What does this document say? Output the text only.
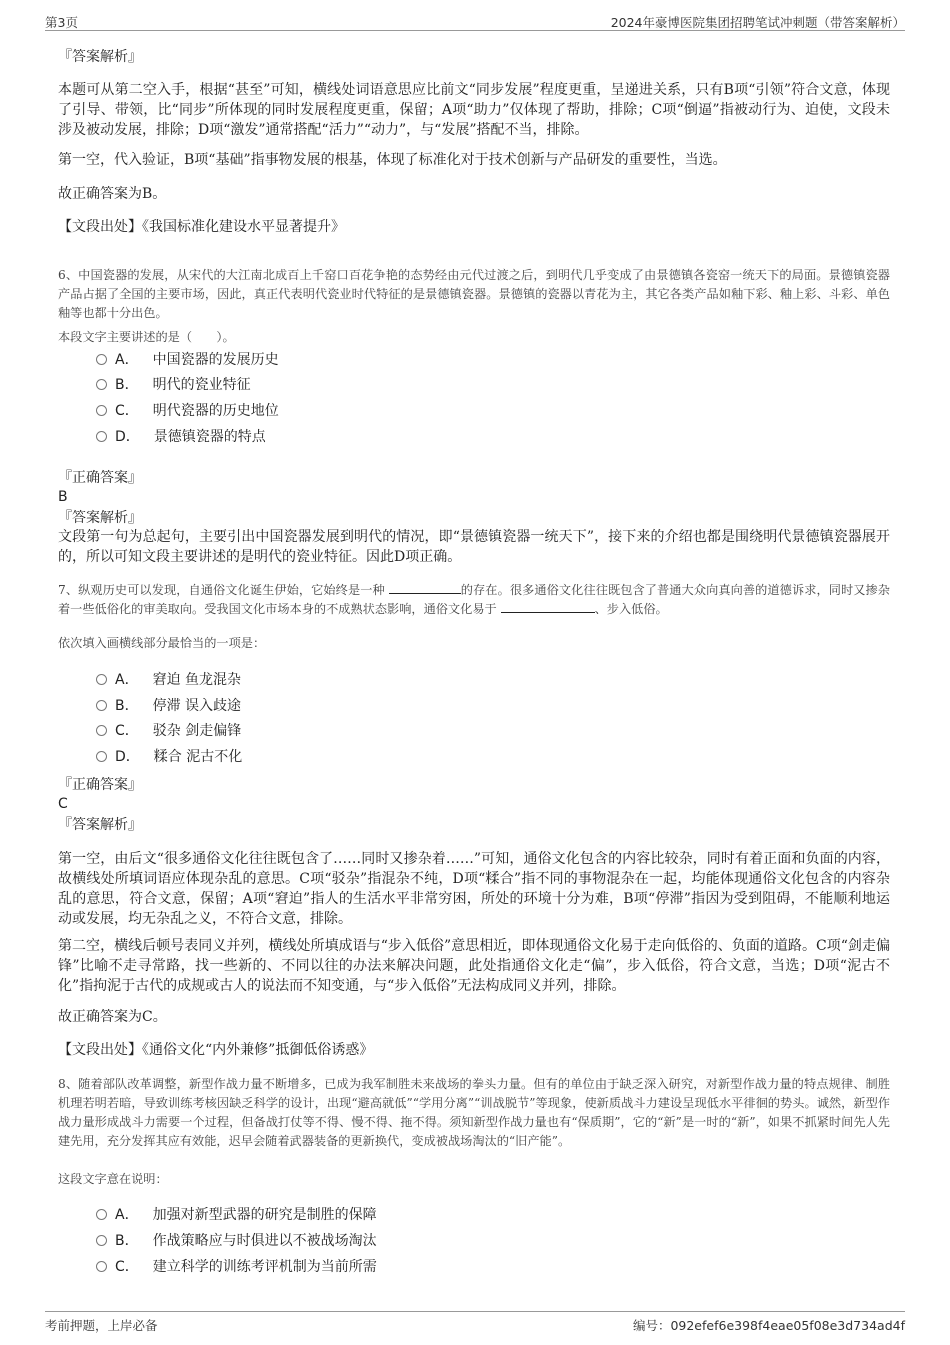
第3页	2024年豪博医院集团招聘笔试冲刺题（带答案解析）
『答案解析』

本题可从第二空入手，根据“甚至”可知，横线处词语意思应比前文“同步发展”程度更重，呈递进关系，只有B项“引领”符合文意，体现了引导、带领，比“同步”所体现的同时发展程度更重，保留；A项“助力”仅体现了帮助，排除；C项“倒逼”指被动行为、迫使，文段未涉及被动发展，排除；D项“激发”通常搭配“活力”“动力”，与“发展”搭配不当，排除。

第一空，代入验证，B项“基础”指事物发展的根基，体现了标准化对于技术创新与产品研发的重要性，当选。

故正确答案为B。

【文段出处】《我国标准化建设水平显著提升》

6、中国瓷器的发展，从宋代的大江南北成百上千窑口百花争艳的态势经由元代过渡之后，到明代几乎变成了由景德镇各瓷窑一统天下的局面。景德镇瓷器产品占据了全国的主要市场，因此，真正代表明代瓷业时代特征的是景德镇瓷器。景德镇的瓷器以青花为主，其它各类产品如釉下彩、釉上彩、斗彩、单色釉等也都十分出色。

本段文字主要讲述的是（　　）。

A． 中国瓷器的发展历史
B． 明代的瓷业特征
C． 明代瓷器的历史地位
D． 景德镇瓷器的特点
『正确答案』
B
『答案解析』

文段第一句为总起句，主要引出中国瓷器发展到明代的情况，即“景德镇瓷器一统天下”，接下来的介绍也都是围绕明代景德镇瓷器展开的，所以可知文段主要讲述的是明代的瓷业特征。因此D项正确。

7、纵观历史可以发现，自通俗文化诞生伊始，它始终是一种	的存在。很多通俗文化往往既包含了普通大众向真向善的道德诉求，同时又掺杂着一些低俗化的审美取向。受我国文化市场本身的不成熟状态影响，通俗文化易于	、步入低俗。

依次填入画横线部分最恰当的一项是：

A． 窘迫 鱼龙混杂
B． 停滞 误入歧途
C． 驳杂 剑走偏锋
D． 糅合 泥古不化
『正确答案』
C
『答案解析』

第一空，由后文“很多通俗文化往往既包含了……同时又掺杂着……”可知，通俗文化包含的内容比较杂，同时有着正面和负面的内容，故横线处所填词语应体现杂乱的意思。C项“驳杂”指混杂不纯，D项“糅合”指不同的事物混杂在一起，均能体现通俗文化包含的内容杂乱的意思，符合文意，保留；A项“窘迫”指人的生活水平非常穷困，所处的环境十分为难，B项“停滞”指因为受到阻碍，不能顺利地运动或发展，均无杂乱之义，不符合文意，排除。

第二空，横线后顿号表同义并列，横线处所填成语与“步入低俗”意思相近，即体现通俗文化易于走向低俗的、负面的道路。C项“剑走偏锋”比喻不走寻常路，找一些新的、不同以往的办法来解决问题，此处指通俗文化走“偏”，步入低俗，符合文意，当选；D项“泥古不化”指拘泥于古代的成规或古人的说法而不知变通，与“步入低俗”无法构成同义并列，排除。

故正确答案为C。

【文段出处】《通俗文化“内外兼修”抵御低俗诱惑》

8、随着部队改革调整，新型作战力量不断增多，已成为我军制胜未来战场的拳头力量。但有的单位由于缺乏深入研究，对新型作战力量的特点规律、制胜机理若明若暗，导致训练考核因缺乏科学的设计，出现“避高就低”“学用分离”“训战脱节”等现象，使新质战斗力建设呈现低水平徘徊的势头。诚然，新型作战力量形成战斗力需要一个过程，但备战打仗等不得、慢不得、拖不得。须知新型作战力量也有“保质期”，它的“新”是一时的“新”，如果不抓紧时间先人先建先用，充分发挥其应有效能，迟早会随着武器装备的更新换代，变成被战场淘汰的“旧产能”。

这段文字意在说明：

A． 加强对新型武器的研究是制胜的保障
B． 作战策略应与时俱进以不被战场淘汰
C． 建立科学的训练考评机制为当前所需
考前押题，上岸必备	编号：092efef6e398f4eae05f08e3d734ad4f
